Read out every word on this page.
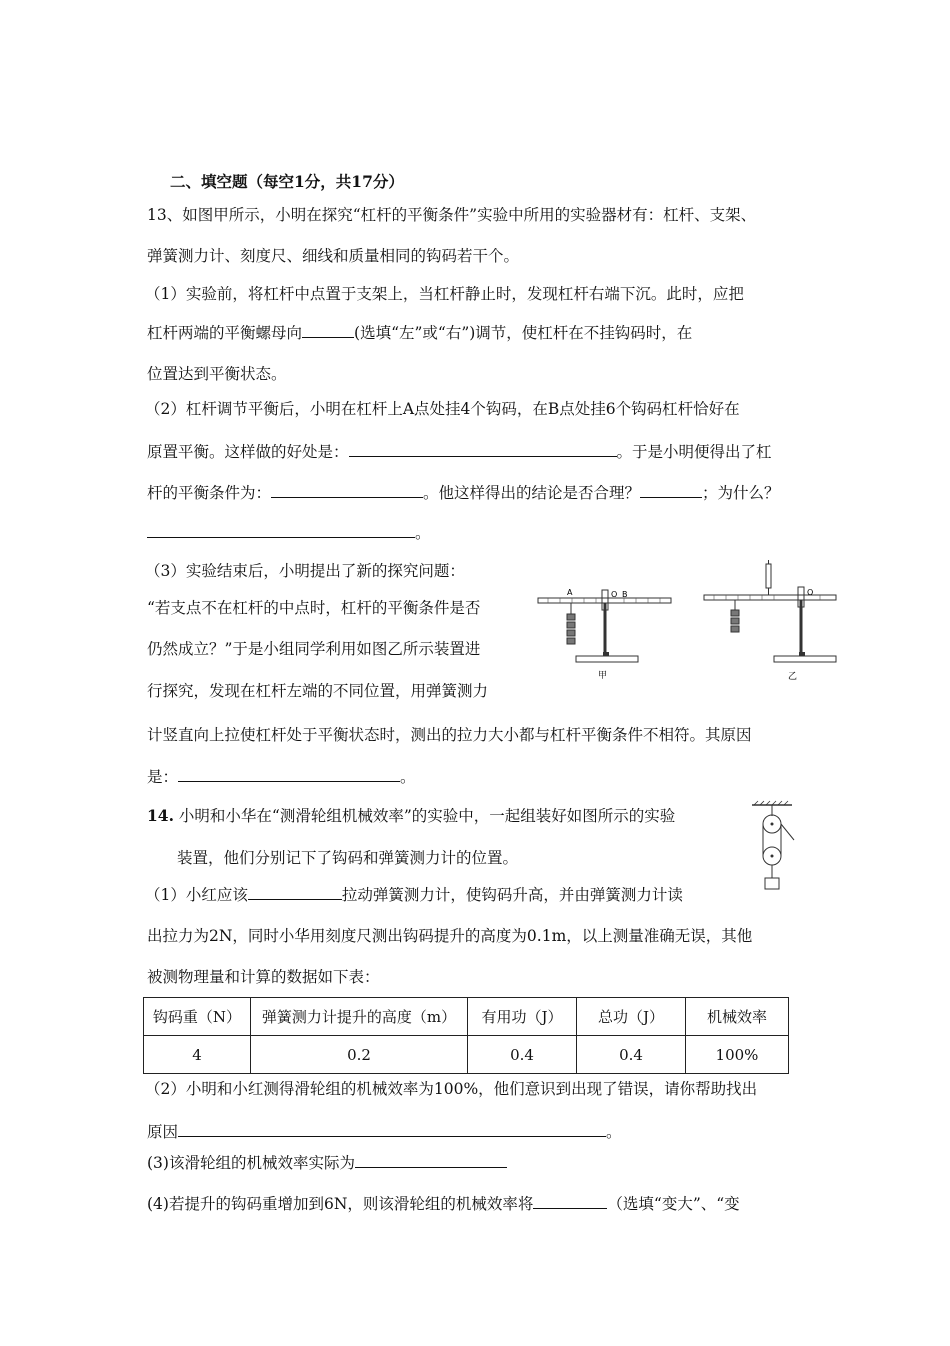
二、填空题（每空1分，共17分）
13、如图甲所示，小明在探究“杠杆的平衡条件”实验中所用的实验器材有：杠杆、支架、
弹簧测力计、刻度尺、细线和质量相同的钩码若干个。
（1）实验前，将杠杆中点置于支架上，当杠杆静止时，发现杠杆右端下沉。此时，应把
杠杆两端的平衡螺母向	(选填“左”或“右”)调节，使杠杆在不挂钩码时，在
位置达到平衡状态。
（2）杠杆调节平衡后，小明在杠杆上A点处挂4个钩码，在B点处挂6个钩码杠杆恰好在
原置平衡。这样做的好处是：	。于是小明便得出了杠
杆的平衡条件为：	。他这样得出的结论是否合理？	；为什么？
。
（3）实验结束后，小明提出了新的探究问题：
“若支点不在杠杆的中点时，杠杆的平衡条件是否
仍然成立？”于是小组同学利用如图乙所示装置进
行探究，发现在杠杆左端的不同位置，用弹簧测力
计竖直向上拉使杠杆处于平衡状态时，测出的拉力大小都与杠杆平衡条件不相符。其原因
是：	。
A	O B
甲
O
乙
14. 小明和小华在“测滑轮组机械效率”的实验中，一起组装好如图所示的实验
装置，他们分别记下了钩码和弹簧测力计的位置。
（1）小红应该	拉动弹簧测力计，使钩码升高，并由弹簧测力计读
出拉力为2N，同时小华用刻度尺测出钩码提升的高度为0.1m，以上测量准确无误，其他
被测物理量和计算的数据如下表：
钩码重（N）	弹簧测力计提升的高度（m）	有用功（J）	总功（J）	机械效率
4	0.2	0.4	0.4	100%
（2）小明和小红测得滑轮组的机械效率为100%，他们意识到出现了错误，请你帮助找出
原因	。
(3)该滑轮组的机械效率实际为
(4)若提升的钩码重增加到6N，则该滑轮组的机械效率将	（选填“变大”、“变
